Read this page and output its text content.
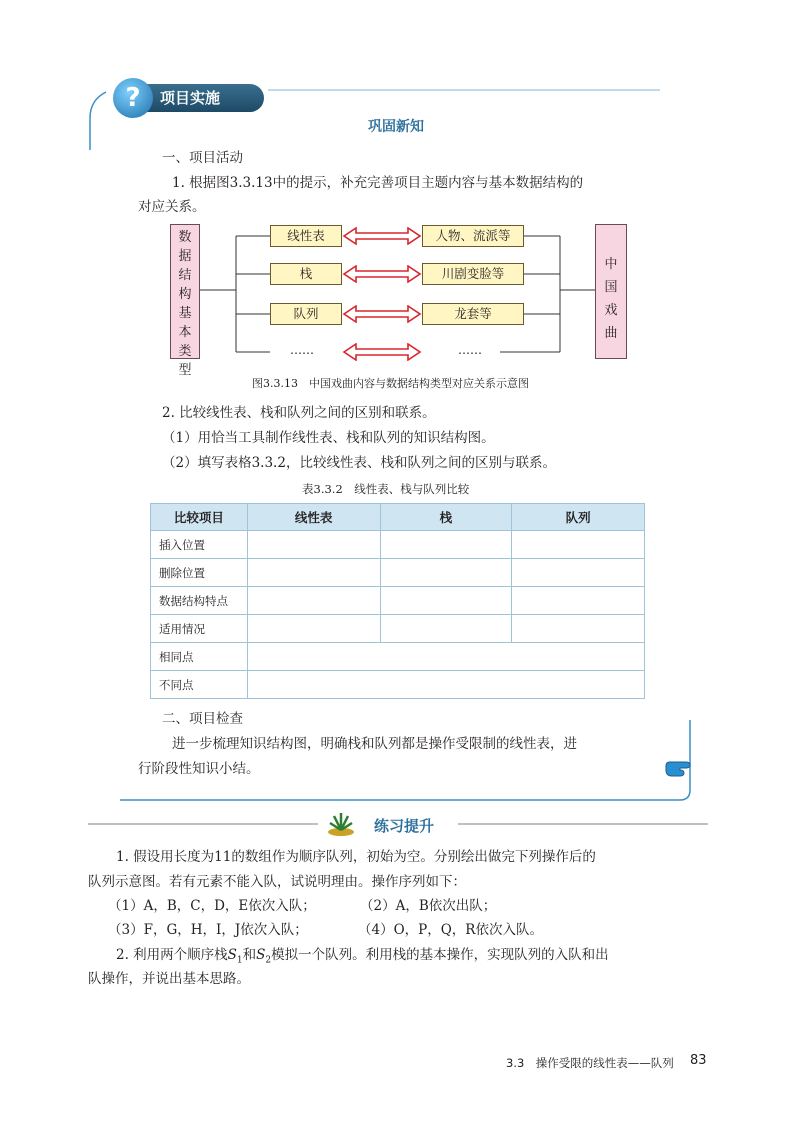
?	项目实施
巩固新知
一、项目活动
1. 根据图3.3.13中的提示，补充完善项目主题内容与基本数据结构的
对应关系。
数
据
结
构
基
本
类
型
中
国
戏
曲
线性表
栈
队列
……
人物、流派等
川剧变脸等
龙套等
……
图3.3.13　中国戏曲内容与数据结构类型对应关系示意图
2. 比较线性表、栈和队列之间的区别和联系。
（1）用恰当工具制作线性表、栈和队列的知识结构图。
（2）填写表格3.3.2，比较线性表、栈和队列之间的区别与联系。
表3.3.2　线性表、栈与队列比较
比较项目	线性表	栈	队列
插入位置			
删除位置			
数据结构特点			
适用情况			
相同点			
不同点			
二、项目检查
进一步梳理知识结构图，明确栈和队列都是操作受限制的线性表，进
行阶段性知识小结。
练习提升
1. 假设用长度为11的数组作为顺序队列，初始为空。分别绘出做完下列操作后的
队列示意图。若有元素不能入队，试说明理由。操作序列如下：
（1）A，B，C，D，E依次入队；	（2）A，B依次出队；
（3）F，G，H，I，J依次入队；	（4）O，P，Q，R依次入队。
2. 利用两个顺序栈$S_1$和$S_2$模拟一个队列。利用栈的基本操作，实现队列的入队和出
队操作，并说出基本思路。
3.3　操作受限的线性表——队列 83
